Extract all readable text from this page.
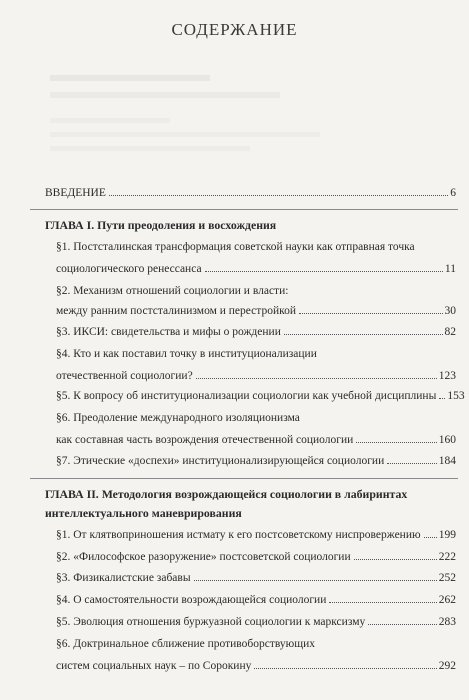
СОДЕРЖАНИЕ
ВВЕДЕНИЕ	6
ГЛАВА I. Пути преодоления и восхождения
§1. Постсталинская трансформация советской науки как отправная точка
социологического ренессанса	11
§2. Механизм отношений социологии и власти:
между ранним постсталинизмом и перестройкой	30
§3. ИКСИ: свидетельства и мифы о рождении	82
§4. Кто и как поставил точку в институционализации
отечественной социологии?	123
§5. К вопросу об институционализации социологии как учебной дисциплины 153
§6. Преодоление международного изоляционизма
как составная часть возрождения отечественной социологии	160
§7. Этические «доспехи» институционализирующейся социологии	184
ГЛАВА II. Методология возрождающейся социологии в лабиринтах
интеллектуального маневрирования
§1. От клятвопринoшения истмату к его постсоветскому ниспровержению 199
§2. «Философское разоружение» постсоветской социологии	222
§3. Физикалистские забавы	252
§4. О самостоятельности возрождающейся социологии	262
§5. Эволюция отношения буржуазной социологии к марксизму	283
§6. Доктринальное сближение противоборствующих
систем социальных наук – по Сорокину	292
